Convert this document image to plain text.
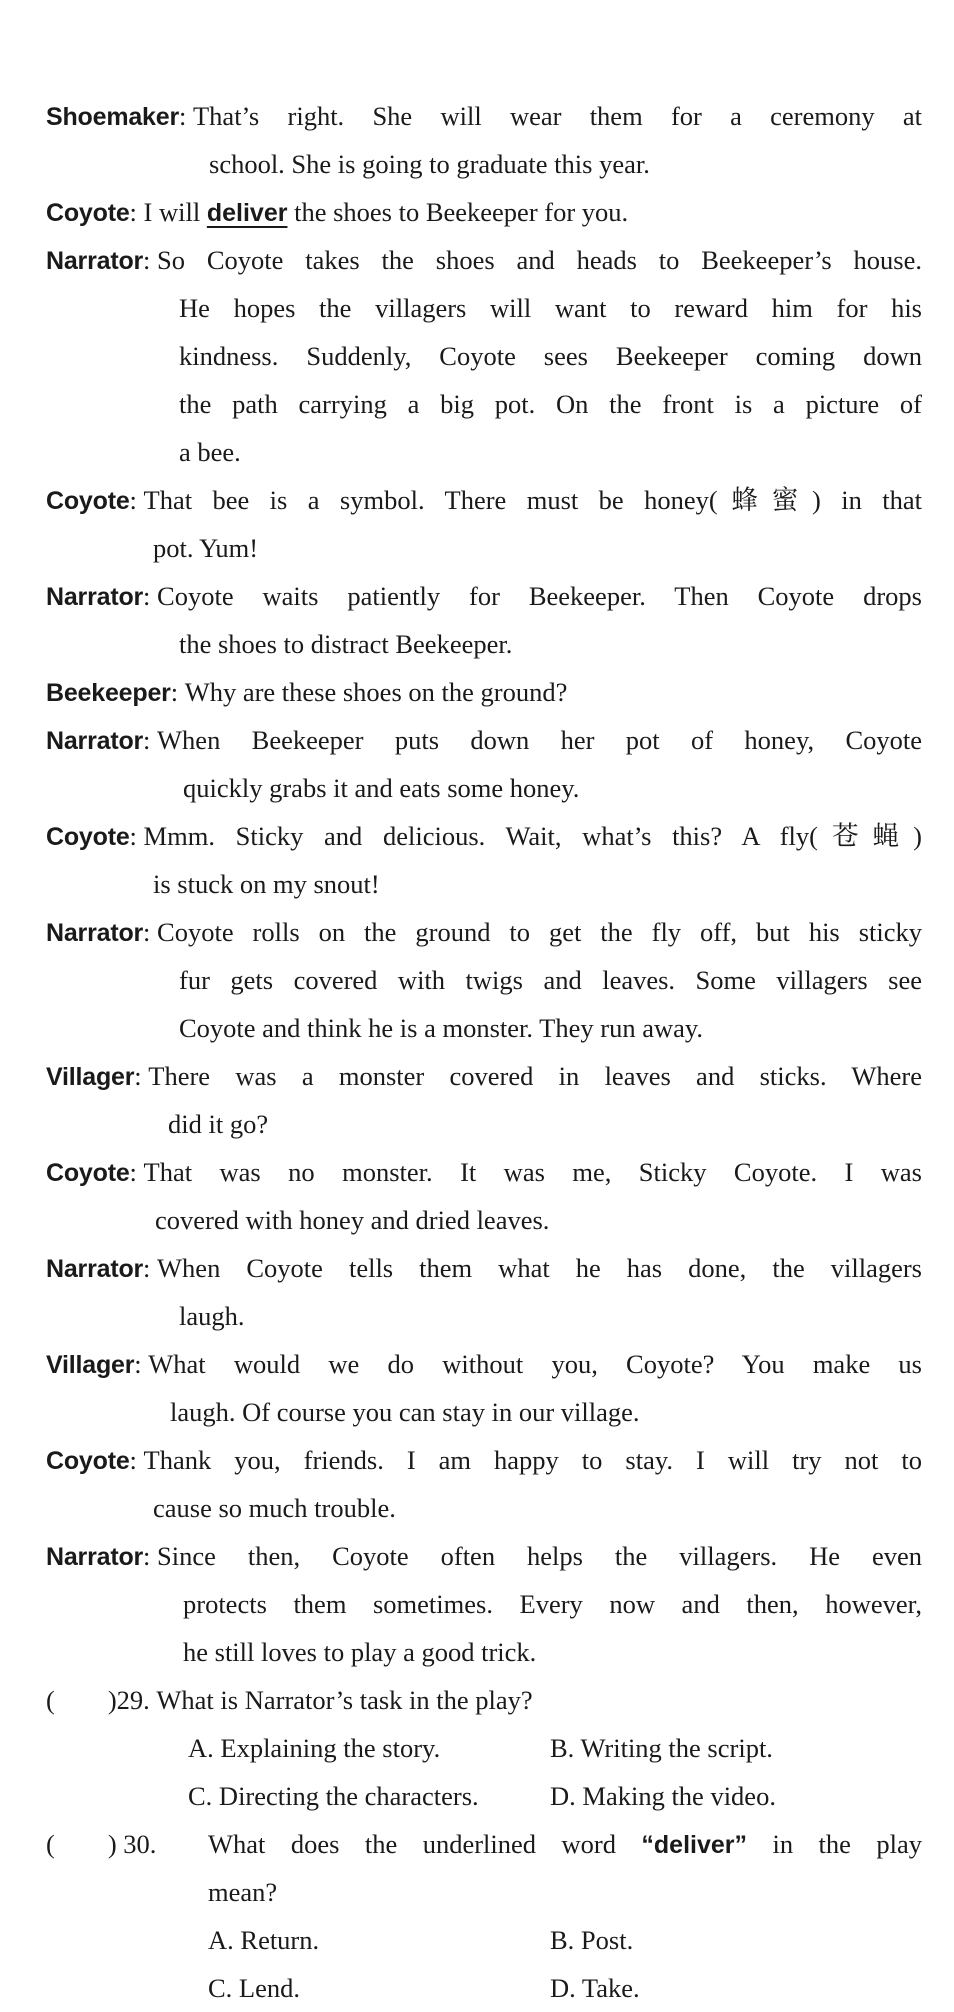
Shoemaker: That’s right. She will wear them for a ceremony at

school. She is going to graduate this year.

Coyote: I will deliver the shoes to Beekeeper for you.

Narrator: So Coyote takes the shoes and heads to Beekeeper’s house.

He hopes the villagers will want to reward him for his

kindness. Suddenly, Coyote sees Beekeeper coming down

the path carrying a big pot. On the front is a picture of

a bee.

Coyote: That bee is a symbol. There must be honey(蜂蜜) in that

pot. Yum!

Narrator: Coyote waits patiently for Beekeeper. Then Coyote drops

the shoes to distract Beekeeper.

Beekeeper: Why are these shoes on the ground?

Narrator: When Beekeeper puts down her pot of honey, Coyote

quickly grabs it and eats some honey.

Coyote: Mmm. Sticky and delicious. Wait, what’s this? A fly(苍蝇)

is stuck on my snout!

Narrator: Coyote rolls on the ground to get the fly off, but his sticky

fur gets covered with twigs and leaves. Some villagers see

Coyote and think he is a monster. They run away.

Villager: There was a monster covered in leaves and sticks. Where

did it go?

Coyote: That was no monster. It was me, Sticky Coyote. I was

covered with honey and dried leaves.

Narrator: When Coyote tells them what he has done, the villagers

laugh.

Villager: What would we do without you, Coyote? You make us

laugh. Of course you can stay in our village.

Coyote: Thank you, friends. I am happy to stay. I will try not to

cause so much trouble.

Narrator: Since then, Coyote often helps the villagers. He even

protects them sometimes. Every now and then, however,

he still loves to play a good trick.

(　　)29. What is Narrator’s task in the play?

A. Explaining the story.	B. Writing the script.

C. Directing the characters.	D. Making the video.

(　　) 30. What does the underlined word “deliver” in the play

mean?

A. Return.	B. Post.

C. Lend.	D. Take.
